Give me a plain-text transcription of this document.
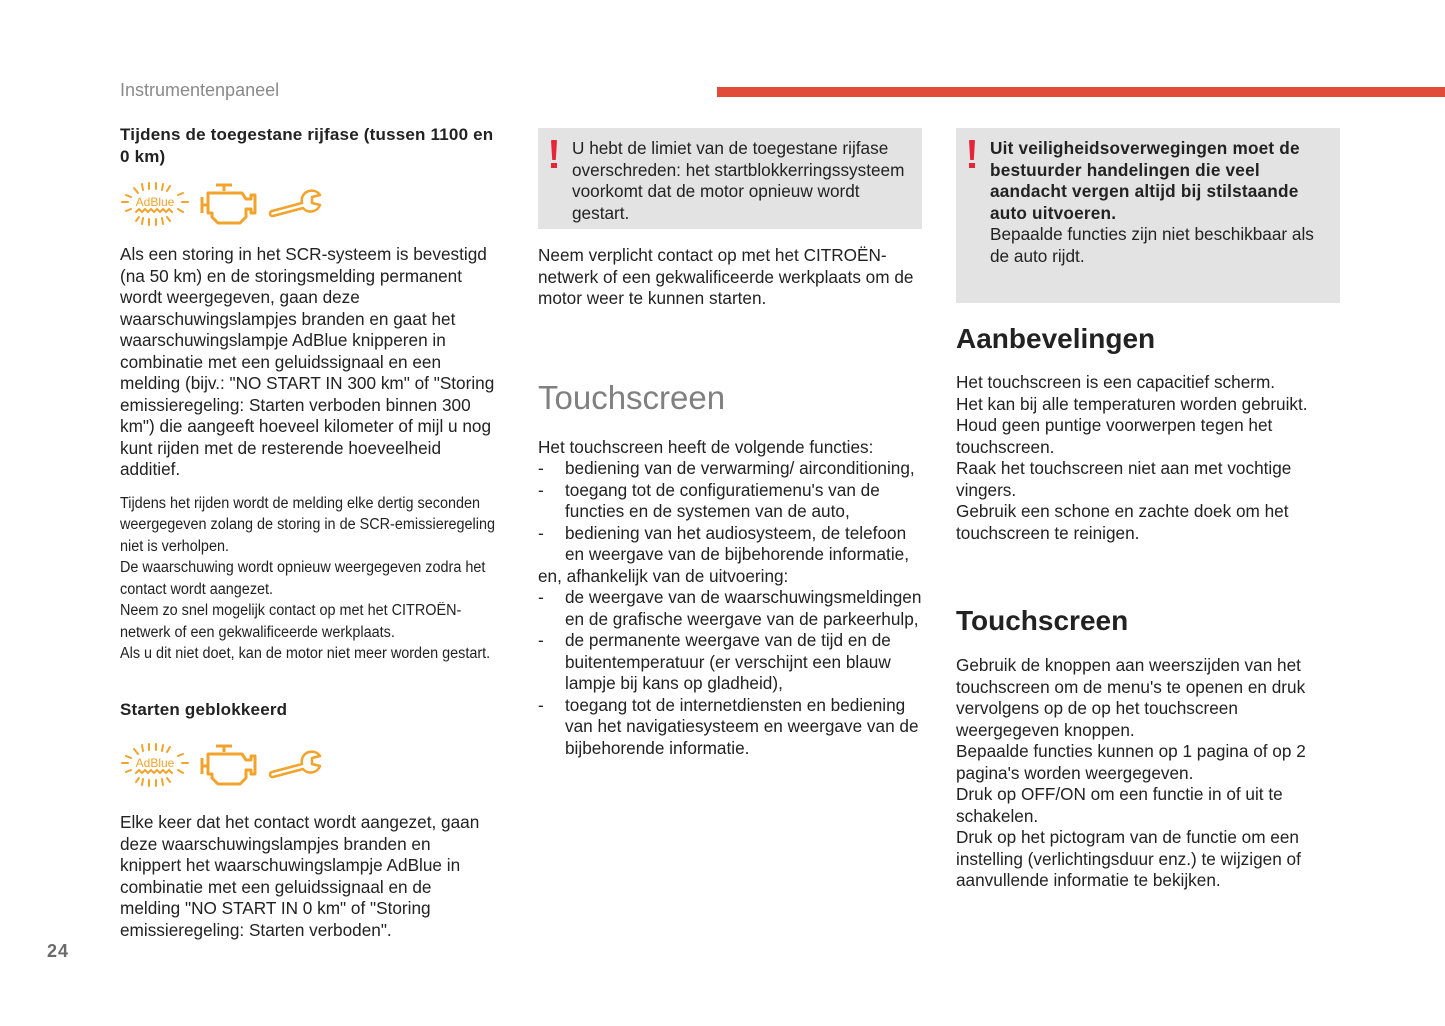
Instrumentenpaneel
24

Tijdens de toegestane rijfase (tussen 1100 en 0 km)

AdBlue

Als een storing in het SCR-systeem is bevestigd (na 50 km) en de storingsmelding permanent wordt weergegeven, gaan deze waarschuwingslampjes branden en gaat het waarschuwingslampje AdBlue knipperen in combinatie met een geluidssignaal en een melding (bijv.: "NO START IN 300 km" of "Storing emissieregeling: Starten verboden binnen 300 km") die aangeeft hoeveel kilometer of mijl u nog kunt rijden met de resterende hoeveelheid additief.

Tijdens het rijden wordt de melding elke dertig seconden weergegeven zolang de storing in de SCR-emissieregeling niet is verholpen.

De waarschuwing wordt opnieuw weergegeven zodra het contact wordt aangezet.

Neem zo snel mogelijk contact op met het CITROËN-netwerk of een gekwalificeerde werkplaats.

Als u dit niet doet, kan de motor niet meer worden gestart.

Starten geblokkeerd

AdBlue

Elke keer dat het contact wordt aangezet, gaan deze waarschuwingslampjes branden en knippert het waarschuwingslampje AdBlue in combinatie met een geluidssignaal en de melding "NO START IN 0 km" of "Storing emissieregeling: Starten verboden".

U hebt de limiet van de toegestane rijfase overschreden: het startblokkerringssysteem voorkomt dat de motor opnieuw wordt gestart.

Neem verplicht contact op met het CITROËN-netwerk of een gekwalificeerde werkplaats om de motor weer te kunnen starten.

Touchscreen

Het touchscreen heeft de volgende functies:

- bediening van de verwarming/ airconditioning,
- toegang tot de configuratiemenu's van de functies en de systemen van de auto,
- bediening van het audiosysteem, de telefoon en weergave van de bijbehorende informatie,

en, afhankelijk van de uitvoering:

- de weergave van de waarschuwingsmeldingen en de grafische weergave van de parkeerhulp,
- de permanente weergave van de tijd en de buitentemperatuur (er verschijnt een blauw lampje bij kans op gladheid),
- toegang tot de internetdiensten en bediening van het navigatiesysteem en weergave van de bijbehorende informatie.

Uit veiligheidsoverwegingen moet de bestuurder handelingen die veel aandacht vergen altijd bij stilstaande auto uitvoeren.

Bepaalde functies zijn niet beschikbaar als de auto rijdt.

Aanbevelingen

Het touchscreen is een capacitief scherm.

Het kan bij alle temperaturen worden gebruikt.

Houd geen puntige voorwerpen tegen het touchscreen.

Raak het touchscreen niet aan met vochtige vingers.

Gebruik een schone en zachte doek om het touchscreen te reinigen.

Touchscreen

Gebruik de knoppen aan weerszijden van het touchscreen om de menu's te openen en druk vervolgens op de op het touchscreen weergegeven knoppen.

Bepaalde functies kunnen op 1 pagina of op 2 pagina's worden weergegeven.

Druk op OFF/ON om een functie in of uit te schakelen.

Druk op het pictogram van de functie om een instelling (verlichtingsduur enz.) te wijzigen of aanvullende informatie te bekijken.
